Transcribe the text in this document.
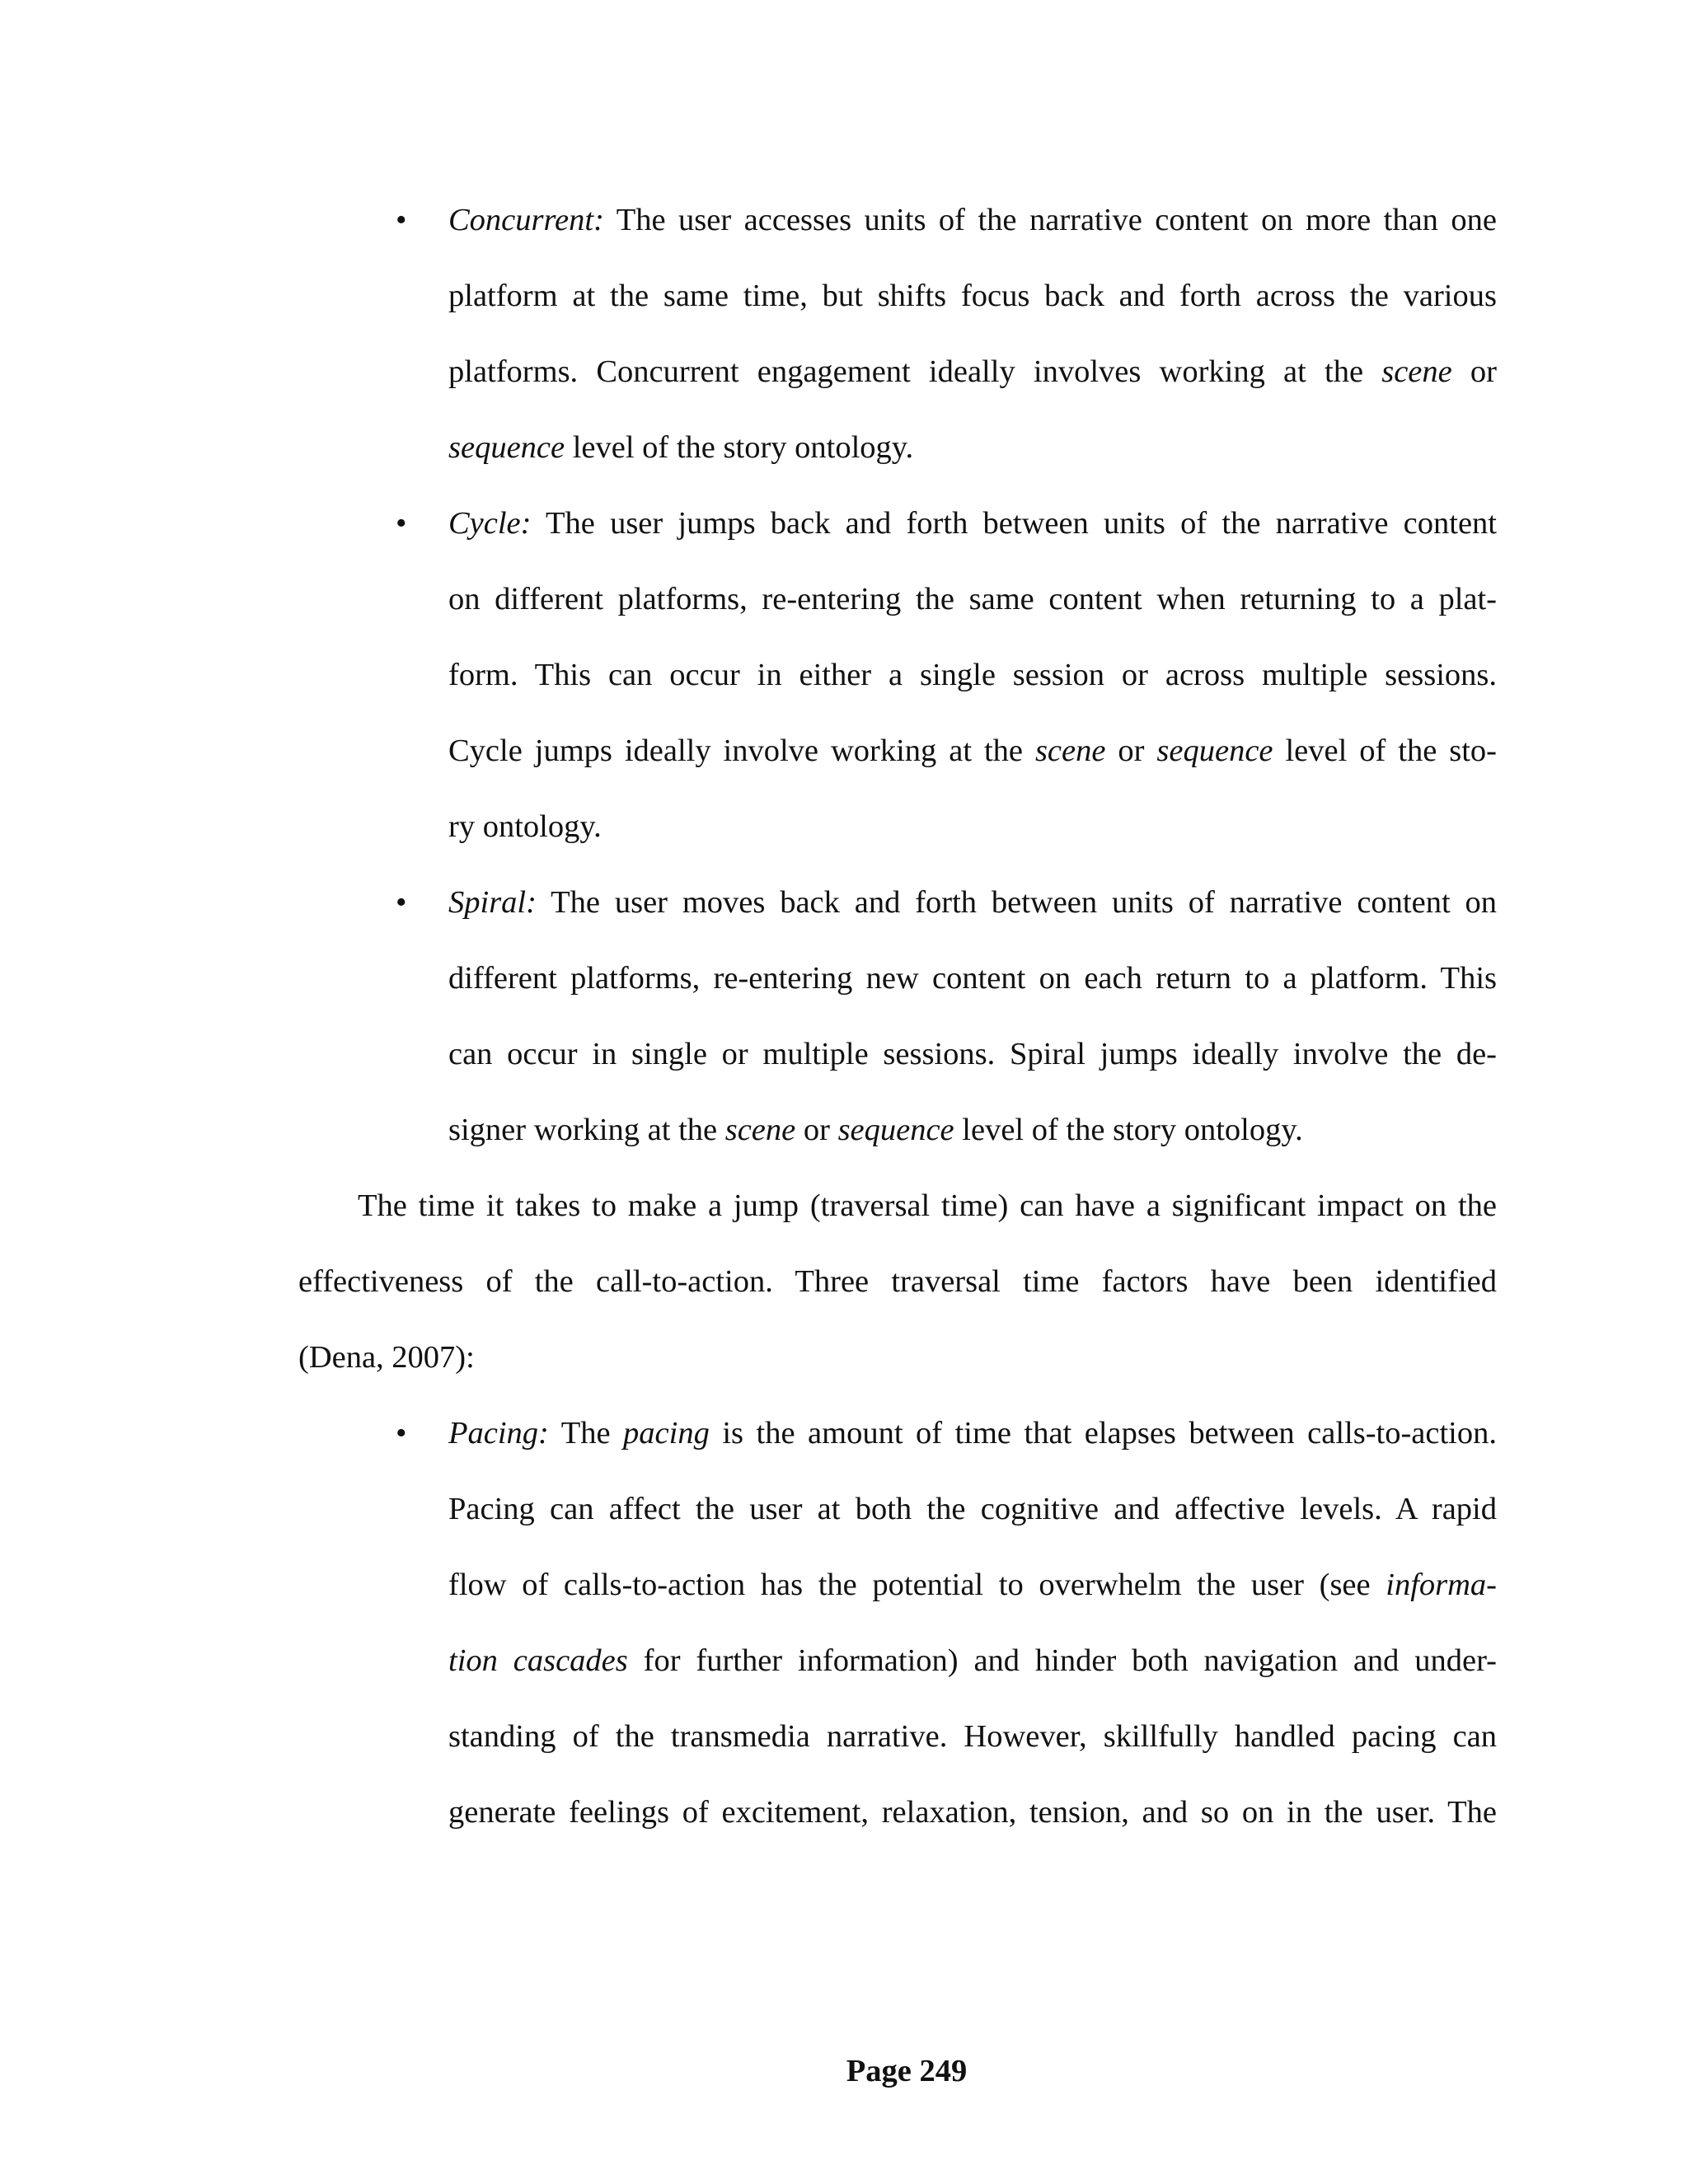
• Concurrent: The user accesses units of the narrative content on more than one
platform at the same time, but shifts focus back and forth across the various
platforms. Concurrent engagement ideally involves working at the scene or
sequence level of the story ontology.
• Cycle: The user jumps back and forth between units of the narrative content
on different platforms, re-entering the same content when returning to a plat-
form. This can occur in either a single session or across multiple sessions.
Cycle jumps ideally involve working at the scene or sequence level of the sto-
ry ontology.
• Spiral: The user moves back and forth between units of narrative content on
different platforms, re-entering new content on each return to a platform. This
can occur in single or multiple sessions. Spiral jumps ideally involve the de-
signer working at the scene or sequence level of the story ontology.
The time it takes to make a jump (traversal time) can have a significant impact on the
effectiveness of the call-to-action. Three traversal time factors have been identified
(Dena, 2007):
• Pacing: The pacing is the amount of time that elapses between calls-to-action.
Pacing can affect the user at both the cognitive and affective levels. A rapid
flow of calls-to-action has the potential to overwhelm the user (see informa-
tion cascades for further information) and hinder both navigation and under-
standing of the transmedia narrative. However, skillfully handled pacing can
generate feelings of excitement, relaxation, tension, and so on in the user. The
Page 249
